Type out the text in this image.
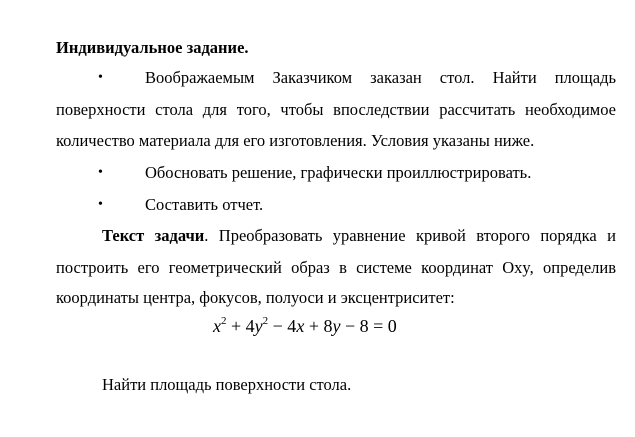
Индивидуальное задание.
•	Воображаемым Заказчиком заказан стол. Найти площадь
поверхности стола для того, чтобы впоследствии рассчитать необходимое
количество материала для его изготовления. Условия указаны ниже.
•	Обосновать решение, графически проиллюстрировать.
•	Составить отчет.
Текст задачи. Преобразовать уравнение кривой второго порядка и
построить его геометрический образ в системе координат Oxy, определив
координаты центра, фокусов, полуоси и эксцентриситет:
$x^2 + 4y^2 - 4x + 8y - 8 = 0$
Найти площадь поверхности стола.
